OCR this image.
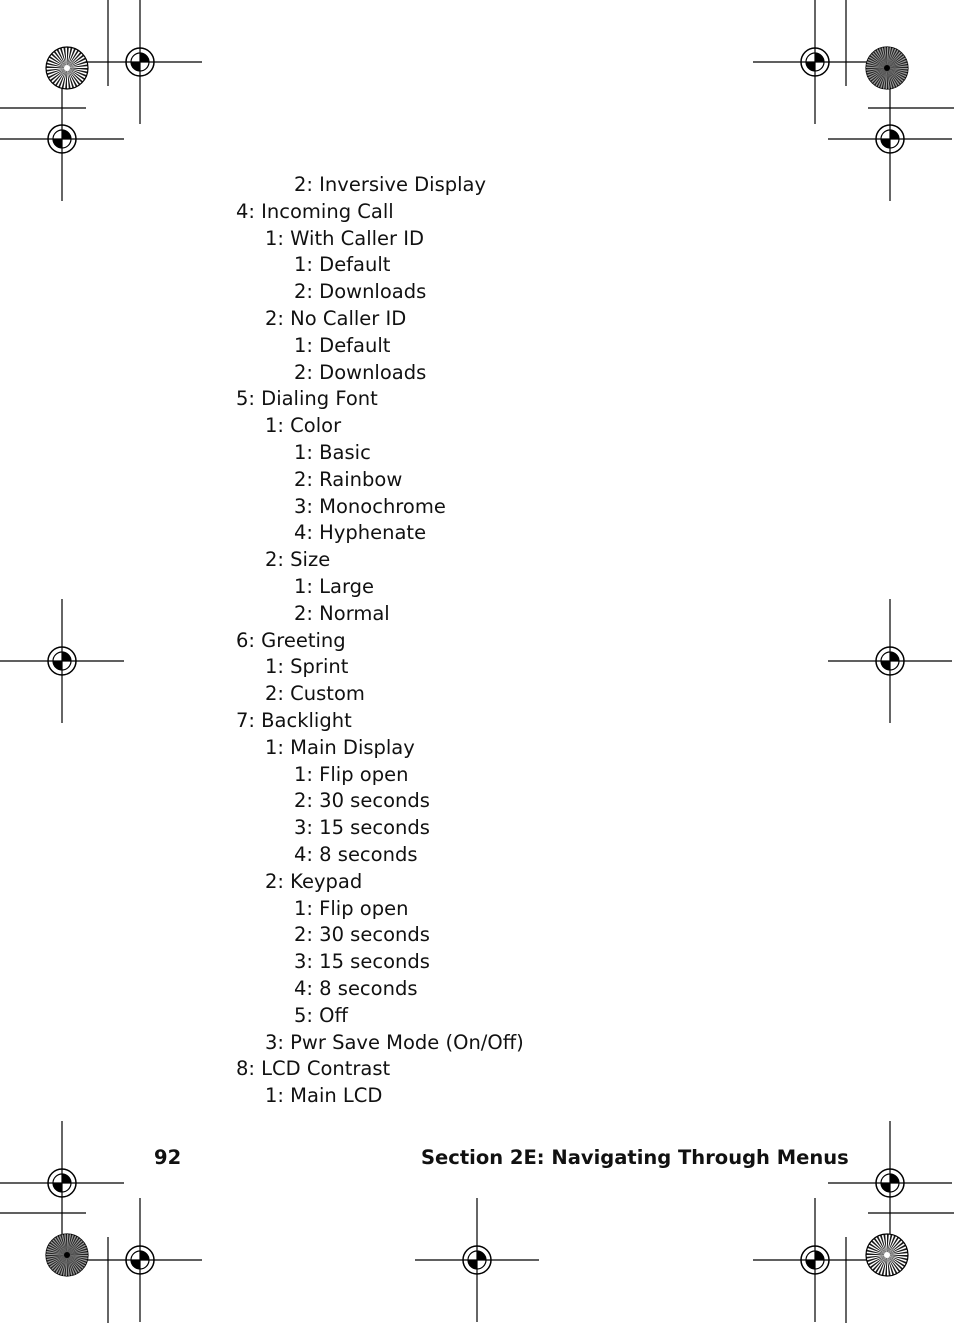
2: Inversive Display
4: Incoming Call
1: With Caller ID
1: Default
2: Downloads
2: No Caller ID
1: Default
2: Downloads
5: Dialing Font
1: Color
1: Basic
2: Rainbow
3: Monochrome
4: Hyphenate
2: Size
1: Large
2: Normal
6: Greeting
1: Sprint
2: Custom
7: Backlight
1: Main Display
1: Flip open
2: 30 seconds
3: 15 seconds
4: 8 seconds
2: Keypad
1: Flip open
2: 30 seconds
3: 15 seconds
4: 8 seconds
5: Off
3: Pwr Save Mode (On/Off)
8: LCD Contrast
1: Main LCD
92	Section 2E: Navigating Through Menus
